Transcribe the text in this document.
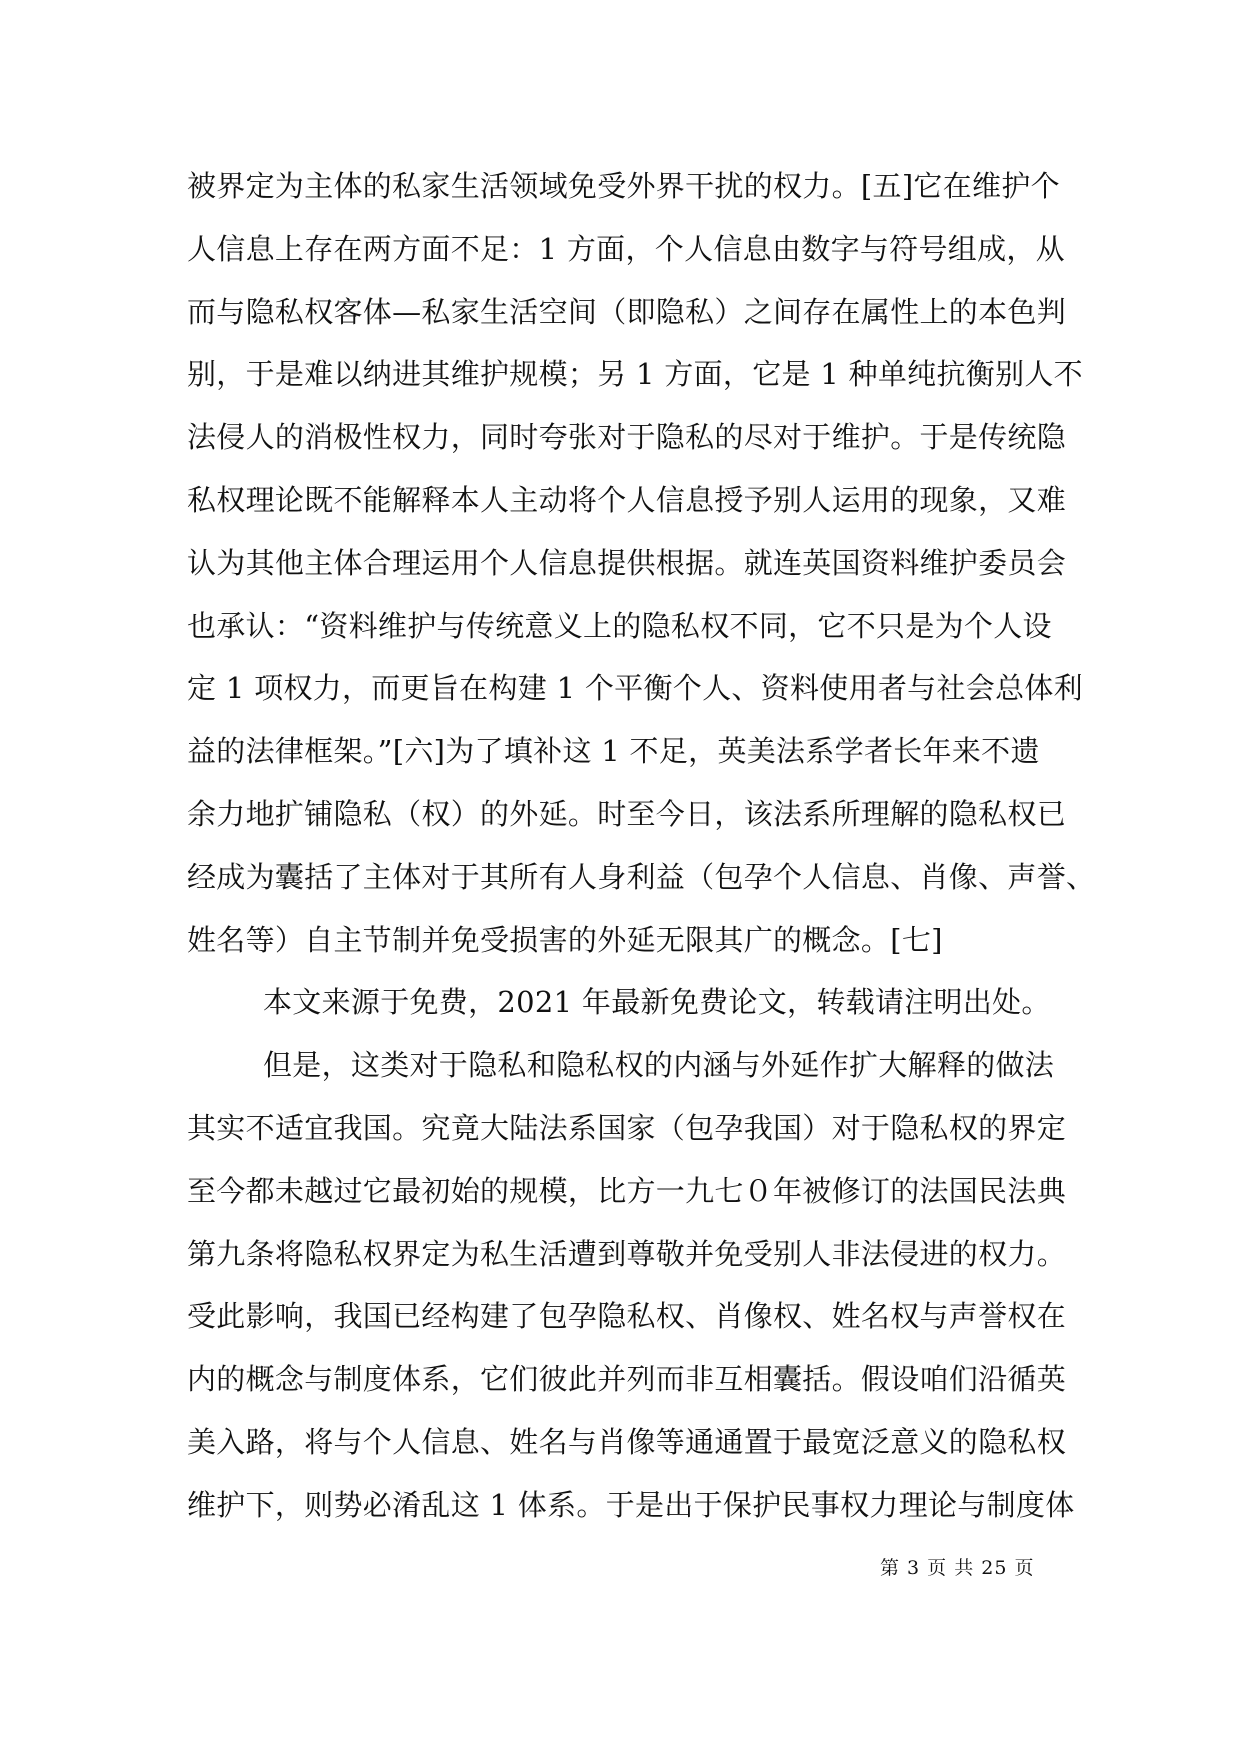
被界定为主体的私家生活领域免受外界干扰的权力。[五]它在维护个
人信息上存在两方面不足：1 方面，个人信息由数字与符号组成，从
而与隐私权客体—私家生活空间（即隐私）之间存在属性上的本色判
别，于是难以纳进其维护规模；另 1 方面，它是 1 种单纯抗衡别人不
法侵人的消极性权力，同时夸张对于隐私的尽对于维护。于是传统隐
私权理论既不能解释本人主动将个人信息授予别人运用的现象，又难
认为其他主体合理运用个人信息提供根据。就连英国资料维护委员会
也承认：“资料维护与传统意义上的隐私权不同，它不只是为个人设
定 1 项权力，而更旨在构建 1 个平衡个人、资料使用者与社会总体利
益的法律框架。”[六]为了填补这 1 不足，英美法系学者长年来不遗
余力地扩铺隐私（权）的外延。时至今日，该法系所理解的隐私权已
经成为囊括了主体对于其所有人身利益（包孕个人信息、肖像、声誉、
姓名等）自主节制并免受损害的外延无限其广的概念。[七]
本文来源于免费，2021 年最新免费论文，转载请注明出处。
但是，这类对于隐私和隐私权的内涵与外延作扩大解释的做法
其实不适宜我国。究竟大陆法系国家（包孕我国）对于隐私权的界定
至今都未越过它最初始的规模，比方一九七０年被修订的法国民法典
第九条将隐私权界定为私生活遭到尊敬并免受别人非法侵进的权力。
受此影响，我国已经构建了包孕隐私权、肖像权、姓名权与声誉权在
内的概念与制度体系，它们彼此并列而非互相囊括。假设咱们沿循英
美入路，将与个人信息、姓名与肖像等通通置于最宽泛意义的隐私权
维护下，则势必淆乱这 1 体系。于是出于保护民事权力理论与制度体
第 3 页 共 25 页
